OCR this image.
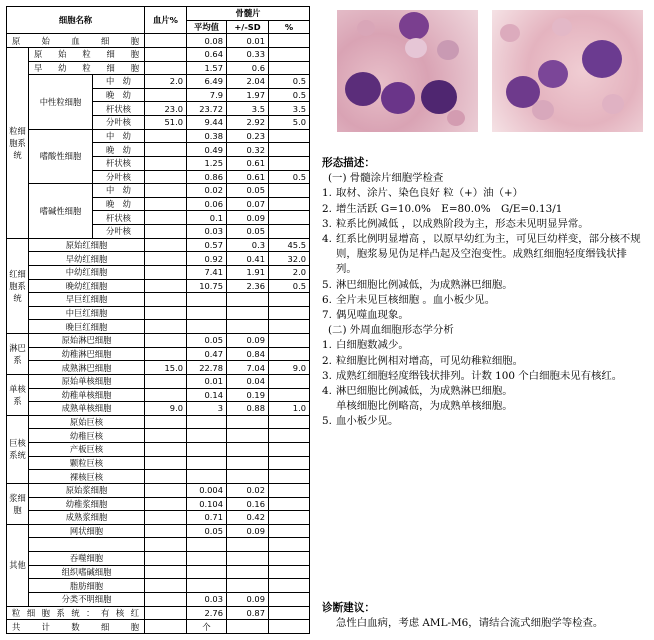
细胞名称			血片%	骨髓片		
				平均值	+/-SD	%
原 始 血 细 胞				0.08	0.01	
粒细胞系统	原 始 粒 细 胞			0.64	0.33	
	早 幼 粒 细 胞			1.57	0.6	
	中性粒细胞	中　幼	2.0	6.49	2.04	0.5
		晚　幼		7.9	1.97	0.5
		杆状核	23.0	23.72	3.5	3.5
		分叶核	51.0	9.44	2.92	5.0
	嗜酸性细胞	中　幼		0.38	0.23	
		晚　幼		0.49	0.32	
		杆状核		1.25	0.61	
		分叶核		0.86	0.61	0.5
	嗜碱性细胞	中　幼		0.02	0.05	
		晚　幼		0.06	0.07	
		杆状核		0.1	0.09	
		分叶核		0.03	0.05	
红细胞系统	原始红细胞			0.57	0.3	45.5
	早幼红细胞			0.92	0.41	32.0
	中幼红细胞			7.41	1.91	2.0
	晚幼红细胞			10.75	2.36	0.5
	早巨红细胞					
	中巨红细胞					
	晚巨红细胞					
淋巴系	原始淋巴细胞			0.05	0.09	
	幼稚淋巴细胞			0.47	0.84	
	成熟淋巴细胞		15.0	22.78	7.04	9.0
单核系	原始单核细胞			0.01	0.04	
	幼稚单核细胞			0.14	0.19	
	成熟单核细胞		9.0	3	0.88	1.0
巨核系统	原始巨核					
	幼稚巨核					
	产板巨核					
	颗粒巨核					
	裸核巨核					
浆细胞	原始浆细胞			0.004	0.02	
	幼稚浆细胞			0.104	0.16	
	成熟浆细胞			0.71	0.42	
其他	网状细胞			0.05	0.09	

	吞噬细胞					
	组织嗜碱细胞					
	脂肪细胞					
	分类不明细胞			0.03	0.09	
粒细胞系统：有核红				2.76	0.87	
共　计　数　细　胞				个		
形态描述：
(一) 骨髓涂片细胞学检查
1. 取材、涂片、染色良好 粒（+）油（+）
2. 增生活跃 G=10.0%　E=80.0%　G/E=0.13/1
3. 粒系比例减低 ，以成熟阶段为主，形态未见明显异常。
4. 红系比例明显增高 ，以原早幼红为主，可见巨幼样变，部分核不规则，胞浆易见伪足样凸起及空泡变性。成熟红细胞轻度缗钱状排列。
5. 淋巴细胞比例减低，为成熟淋巴细胞。
6. 全片未见巨核细胞 。血小板少见。
7. 偶见噬血现象。
(二) 外周血细胞形态学分析
1. 白细胞数减少。
2. 粒细胞比例相对增高，可见幼稚粒细胞。
3. 成熟红细胞轻度缗钱状排列。计数 100 个白细胞未见有核红。
4. 淋巴细胞比例减低，为成熟淋巴细胞。
单核细胞比例略高，为成熟单核细胞。
5. 血小板少见。
诊断建议：
急性白血病，考虑 AML-M6，请结合流式细胞学等检查。
